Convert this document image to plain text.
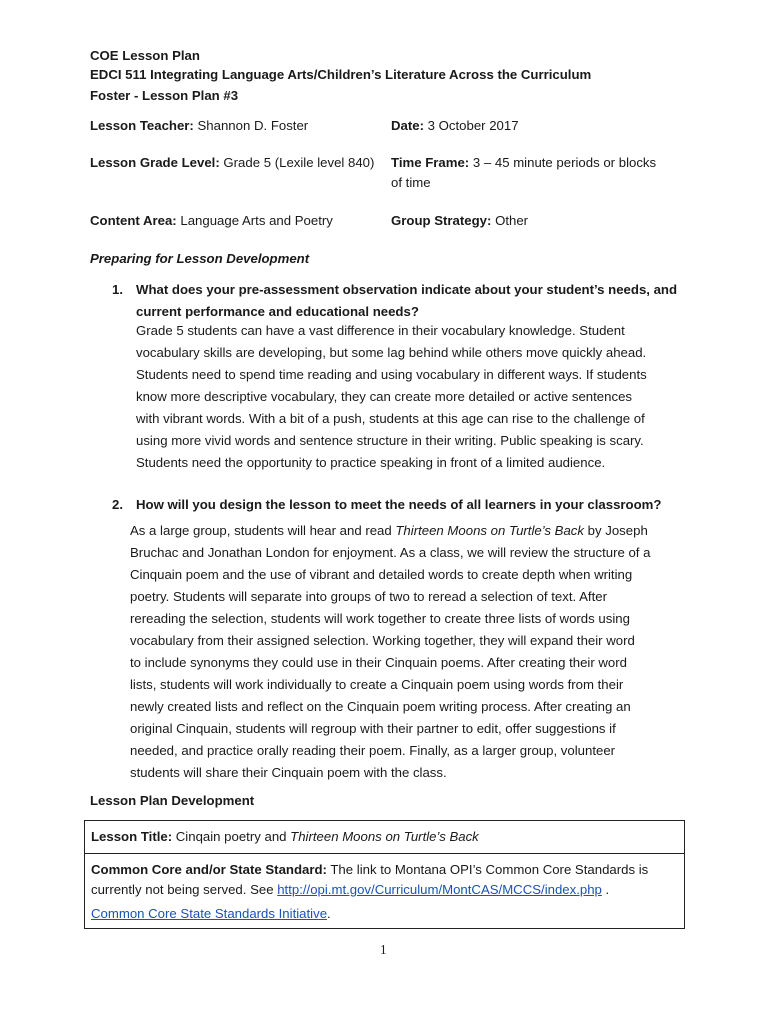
COE Lesson Plan
EDCI 511 Integrating Language Arts/Children’s Literature Across the Curriculum
Foster - Lesson Plan #3
Lesson Teacher: Shannon D. Foster	Date: 3 October 2017
Lesson Grade Level: Grade 5 (Lexile level 840) Time Frame: 3 – 45 minute periods or blocks
of time
Content Area: Language Arts and Poetry	Group Strategy: Other
Preparing for Lesson Development
1. What does your pre-assessment observation indicate about your student’s needs, and
current performance and educational needs?
Grade 5 students can have a vast difference in their vocabulary knowledge. Student
vocabulary skills are developing, but some lag behind while others move quickly ahead.
Students need to spend time reading and using vocabulary in different ways. If students
know more descriptive vocabulary, they can create more detailed or active sentences
with vibrant words. With a bit of a push, students at this age can rise to the challenge of
using more vivid words and sentence structure in their writing. Public speaking is scary.
Students need the opportunity to practice speaking in front of a limited audience.
2. How will you design the lesson to meet the needs of all learners in your classroom?
As a large group, students will hear and read Thirteen Moons on Turtle’s Back by Joseph
Bruchac and Jonathan London for enjoyment. As a class, we will review the structure of a
Cinquain poem and the use of vibrant and detailed words to create depth when writing
poetry. Students will separate into groups of two to reread a selection of text. After
rereading the selection, students will work together to create three lists of words using
vocabulary from their assigned selection. Working together, they will expand their word
to include synonyms they could use in their Cinquain poems. After creating their word
lists, students will work individually to create a Cinquain poem using words from their
newly created lists and reflect on the Cinquain poem writing process. After creating an
original Cinquain, students will regroup with their partner to edit, offer suggestions if
needed, and practice orally reading their poem. Finally, as a larger group, volunteer
students will share their Cinquain poem with the class.
Lesson Plan Development
Lesson Title: Cinqain poetry and Thirteen Moons on Turtle’s Back
Common Core and/or State Standard: The link to Montana OPI’s Common Core Standards is
currently not being served. See http://opi.mt.gov/Curriculum/MontCAS/MCCS/index.php .
Common Core State Standards Initiative.
1
